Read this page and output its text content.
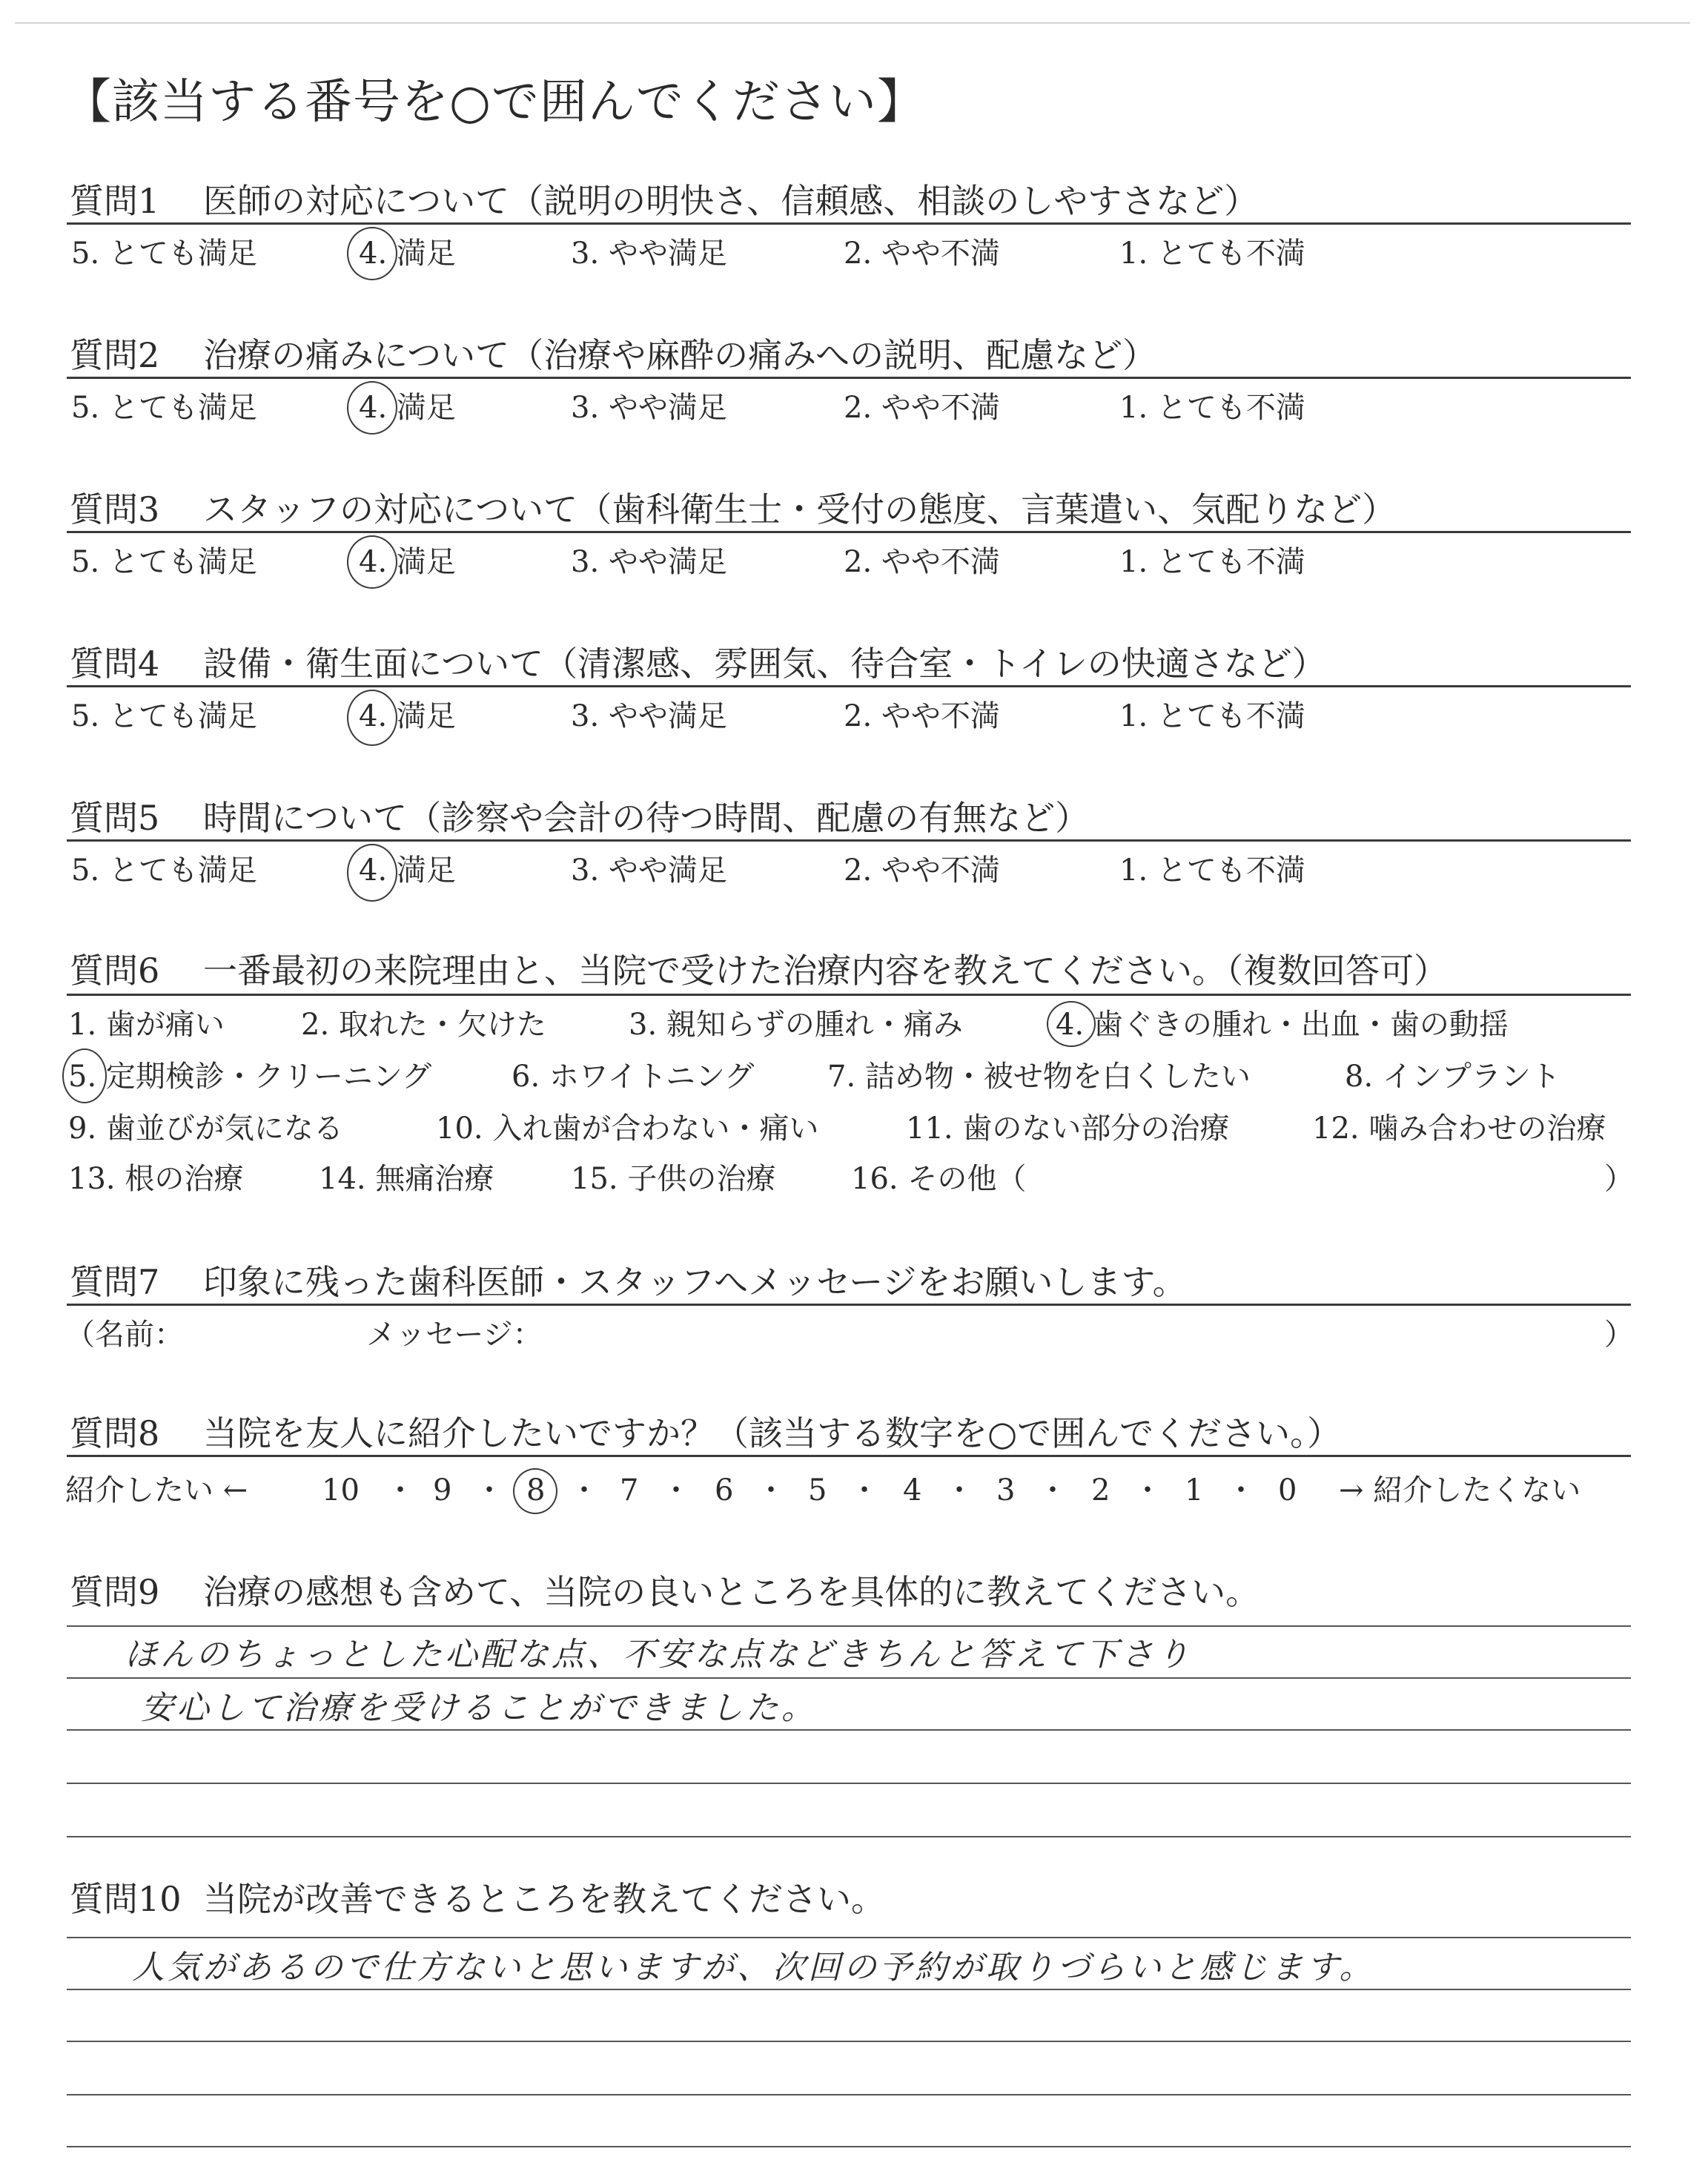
【該当する番号を○で囲んでください】
質問1 医師の対応について（説明の明快さ、信頼感、相談のしやすさなど）
5. とても満足	4. 満足	3. やや満足	2. やや不満	1. とても不満
質問2 治療の痛みについて（治療や麻酔の痛みへの説明、配慮など）
5. とても満足	4. 満足	3. やや満足	2. やや不満	1. とても不満
質問3 スタッフの対応について（歯科衛生士・受付の態度、言葉遣い、気配りなど）
5. とても満足	4. 満足	3. やや満足	2. やや不満	1. とても不満
質問4 設備・衛生面について（清潔感、雰囲気、待合室・トイレの快適さなど）
5. とても満足	4. 満足	3. やや満足	2. やや不満	1. とても不満
質問5 時間について（診察や会計の待つ時間、配慮の有無など）
5. とても満足	4. 満足	3. やや満足	2. やや不満	1. とても不満
質問6 一番最初の来院理由と、当院で受けた治療内容を教えてください。（複数回答可）
1. 歯が痛い	2. 取れた・欠けた	3. 親知らずの腫れ・痛み	4. 歯ぐきの腫れ・出血・歯の動揺
5. 定期検診・クリーニング	6. ホワイトニング 7. 詰め物・被せ物を白くしたい	8. インプラント
9. 歯並びが気になる	10. 入れ歯が合わない・痛い	11. 歯のない部分の治療	12. 噛み合わせの治療
13. 根の治療	14. 無痛治療	15. 子供の治療	16. その他（	）
質問7 印象に残った歯科医師・スタッフへメッセージをお願いします。
（名前：	メッセージ：	）
質問8 当院を友人に紹介したいですか？（該当する数字を○で囲んでください。）
紹介したい ← 10 ・ 9 ・ 8 ・ 7 ・ 6 ・ 5 ・ 4 ・ 3 ・ 2 ・ 1 ・ 0 → 紹介したくない
質問9 治療の感想も含めて、当院の良いところを具体的に教えてください。
ほんのちょっとした心配な点、不安な点などきちんと答えて下さり
安心して治療を受けることができました。
質問10 当院が改善できるところを教えてください。
人気があるので仕方ないと思いますが、次回の予約が取りづらいと感じます。
